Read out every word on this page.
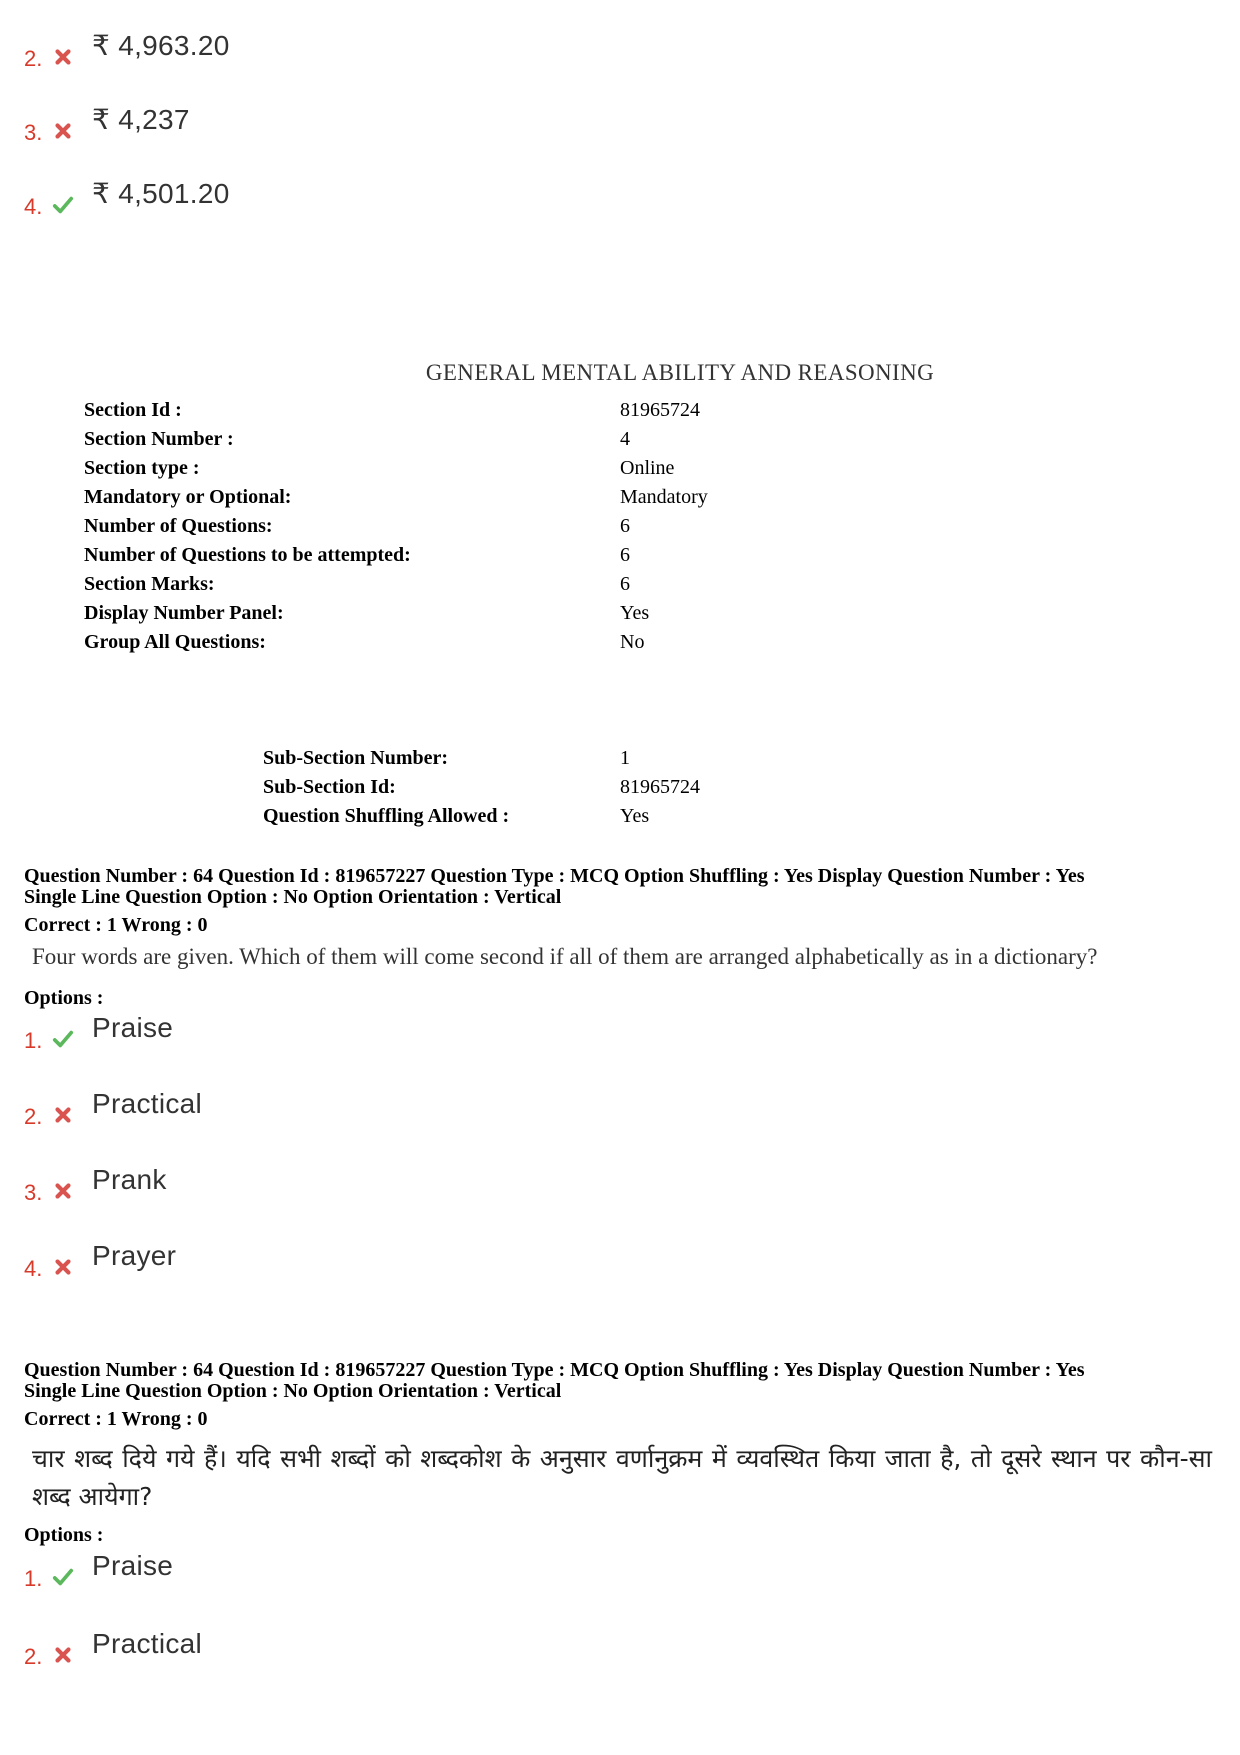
2. ₹ 4,963.20
3. ₹ 4,237
4. ₹ 4,501.20
GENERAL MENTAL ABILITY AND REASONING
Section Id :
Section Number :
Section type :
Mandatory or Optional:
Number of Questions:
Number of Questions to be attempted:
Section Marks:
Display Number Panel:
Group All Questions:
81965724
4
Online
Mandatory
6
6
6
Yes
No
Sub-Section Number:
Sub-Section Id:
Question Shuffling Allowed :
1
81965724
Yes
Question Number : 64 Question Id : 819657227 Question Type : MCQ Option Shuffling : Yes Display Question Number : Yes
Single Line Question Option : No Option Orientation : Vertical
Correct : 1 Wrong : 0
Four words are given. Which of them will come second if all of them are arranged alphabetically as in a dictionary?
Options :
1. Praise
2. Practical
3. Prank
4. Prayer
Question Number : 64 Question Id : 819657227 Question Type : MCQ Option Shuffling : Yes Display Question Number : Yes
Single Line Question Option : No Option Orientation : Vertical
Correct : 1 Wrong : 0
चार शब्द दिये गये हैं। यदि सभी शब्दों को शब्दकोश के अनुसार वर्णानुक्रम में व्यवस्थित किया जाता है, तो दूसरे स्थान पर कौन-सा शब्द आयेगा?
Options :
1. Praise
2. Practical
